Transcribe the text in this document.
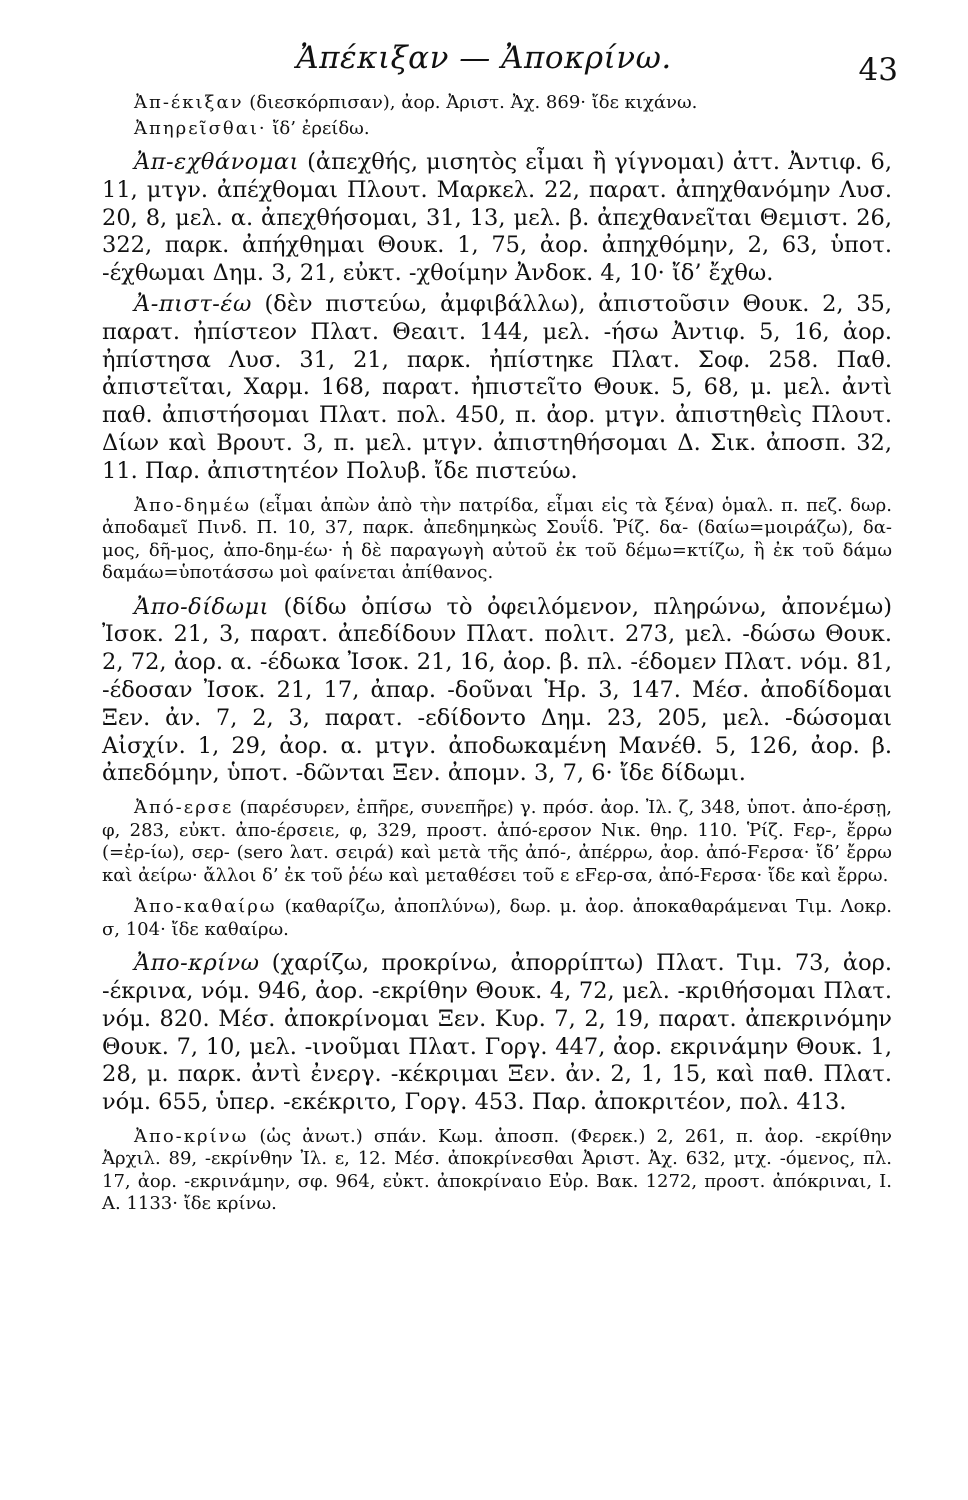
Ἀπέκιξαν — Ἀποκρίνω.	43

Ἀπ-έκιξαν (διεσκόρπισαν), ἀορ. Ἀριστ. Ἀχ. 869· ἴδε κιχάνω.

Ἀπηρεῖσθαι· ἴδ’ ἐρείδω.

Ἀπ-εχθάνομαι (ἀπεχθής, μισητὸς εἶμαι ἢ γίγνομαι) ἀττ. Ἀντιφ. 6, 11, μτγν. ἀπέχθομαι Πλουτ. Μαρκελ. 22, παρατ. ἀπηχθανόμην Λυσ. 20, 8, μελ. α. ἀπεχθήσομαι, 31, 13, μελ. β. ἀπεχθανεῖται Θεμιστ. 26, 322, παρκ. ἀπήχθημαι Θουκ. 1, 75, ἀορ. ἀπηχθόμην, 2, 63, ὑποτ. -έχθωμαι Δημ. 3, 21, εὐκτ. -χθοίμην Ἀνδοκ. 4, 10· ἴδ’ ἔχθω.

Ἀ-πιστ-έω (δὲν πιστεύω, ἀμφιβάλλω), ἀπιστοῦσιν Θουκ. 2, 35, παρατ. ἠπίστεον Πλατ. Θεαιτ. 144, μελ. -ήσω Ἀντιφ. 5, 16, ἀορ. ἠπίστησα Λυσ. 31, 21, παρκ. ἠπίστηκε Πλατ. Σοφ. 258. Παθ. ἀπιστεῖται, Χαρμ. 168, παρατ. ἠπιστεῖτο Θουκ. 5, 68, μ. μελ. ἀντὶ παθ. ἀπιστήσομαι Πλατ. πολ. 450, π. ἀορ. μτγν. ἀπιστηθεὶς Πλουτ. Δίων καὶ Βρουτ. 3, π. μελ. μτγν. ἀπιστηθήσομαι Δ. Σικ. ἀποσπ. 32, 11. Παρ. ἀπιστητέον Πολυβ. ἴδε πιστεύω.

Ἀπο-δημέω (εἶμαι ἀπὼν ἀπὸ τὴν πατρίδα, εἶμαι εἰς τὰ ξένα) ὁμαλ. π. πεζ. δωρ. ἀποδαμεῖ Πινδ. Π. 10, 37, παρκ. ἀπεδημηκὼς Σουΐδ. Ῥίζ. δα- (δαίω=μοιράζω), δα-μος, δῆ-μος, ἀπο-δημ-έω· ἡ δὲ παραγωγὴ αὐτοῦ ἐκ τοῦ δέμω=κτίζω, ἢ ἐκ τοῦ δάμω δαμάω=ὑποτάσσω μοὶ φαίνεται ἀπίθανος.

Ἀπο-δίδωμι (δίδω ὀπίσω τὸ ὀφειλόμενον, πληρώνω, ἀπονέμω) Ἰσοκ. 21, 3, παρατ. ἀπεδίδουν Πλατ. πολιτ. 273, μελ. -δώσω Θουκ. 2, 72, ἀορ. α. -έδωκα Ἰσοκ. 21, 16, ἀορ. β. πλ. -έδομεν Πλατ. νόμ. 81, -έδοσαν Ἰσοκ. 21, 17, ἀπαρ. -δοῦναι Ἡρ. 3, 147. Μέσ. ἀποδίδομαι Ξεν. ἀν. 7, 2, 3, παρατ. -εδίδοντο Δημ. 23, 205, μελ. -δώσομαι Αἰσχίν. 1, 29, ἀορ. α. μτγν. ἀποδωκαμένη Μανέθ. 5, 126, ἀορ. β. ἀπεδόμην, ὑποτ. -δῶνται Ξεν. ἀπομν. 3, 7, 6· ἴδε δίδωμι.

Ἀπό-ερσε (παρέσυρεν, ἐπῆρε, συνεπῆρε) γ. πρόσ. ἀορ. Ἰλ. ζ, 348, ὑποτ. ἀπο-έρσῃ, φ, 283, εὐκτ. ἀπο-έρσειε, φ, 329, προστ. ἀπό-ερσον Νικ. θηρ. 110. Ῥίζ. Fερ-, ἔρρω (=ἐρ-ίω), σερ- (sero λατ. σειρά) καὶ μετὰ τῆς ἀπό-, ἀπέρρω, ἀορ. ἀπό-Fερσα· ἴδ’ ἔρρω καὶ ἀείρω· ἄλλοι δ’ ἐκ τοῦ ῥέω καὶ μεταθέσει τοῦ ε εFερ-σα, ἀπό-Fερσα· ἴδε καὶ ἔρρω.

Ἀπο-καθαίρω (καθαρίζω, ἀποπλύνω), δωρ. μ. ἀορ. ἀποκαθαράμεναι Τιμ. Λοκρ. σ, 104· ἴδε καθαίρω.

Ἀπο-κρίνω (χαρίζω, προκρίνω, ἀπορρίπτω) Πλατ. Τιμ. 73, ἀορ. -έκρινα, νόμ. 946, ἀορ. -εκρίθην Θουκ. 4, 72, μελ. -κριθήσομαι Πλατ. νόμ. 820. Μέσ. ἀποκρίνομαι Ξεν. Κυρ. 7, 2, 19, παρατ. ἀπεκρινόμην Θουκ. 7, 10, μελ. -ινοῦμαι Πλατ. Γοργ. 447, ἀορ. εκρινάμην Θουκ. 1, 28, μ. παρκ. ἀντὶ ἐνεργ. -κέκριμαι Ξεν. ἀν. 2, 1, 15, καὶ παθ. Πλατ. νόμ. 655, ὑπερ. -εκέκριτο, Γοργ. 453. Παρ. ἀποκριτέον, πολ. 413.

Ἀπο-κρίνω (ὡς ἀνωτ.) σπάν. Κωμ. ἀποσπ. (Φερεκ.) 2, 261, π. ἀορ. -εκρίθην Ἀρχιλ. 89, -εκρίνθην Ἰλ. ε, 12. Μέσ. ἀποκρίνεσθαι Ἀριστ. Ἀχ. 632, μτχ. -όμενος, πλ. 17, ἀορ. -εκρινάμην, σφ. 964, εὐκτ. ἀποκρίναιο Εὐρ. Βακ. 1272, προστ. ἀπόκριναι, Ι. Α. 1133· ἴδε κρίνω.
